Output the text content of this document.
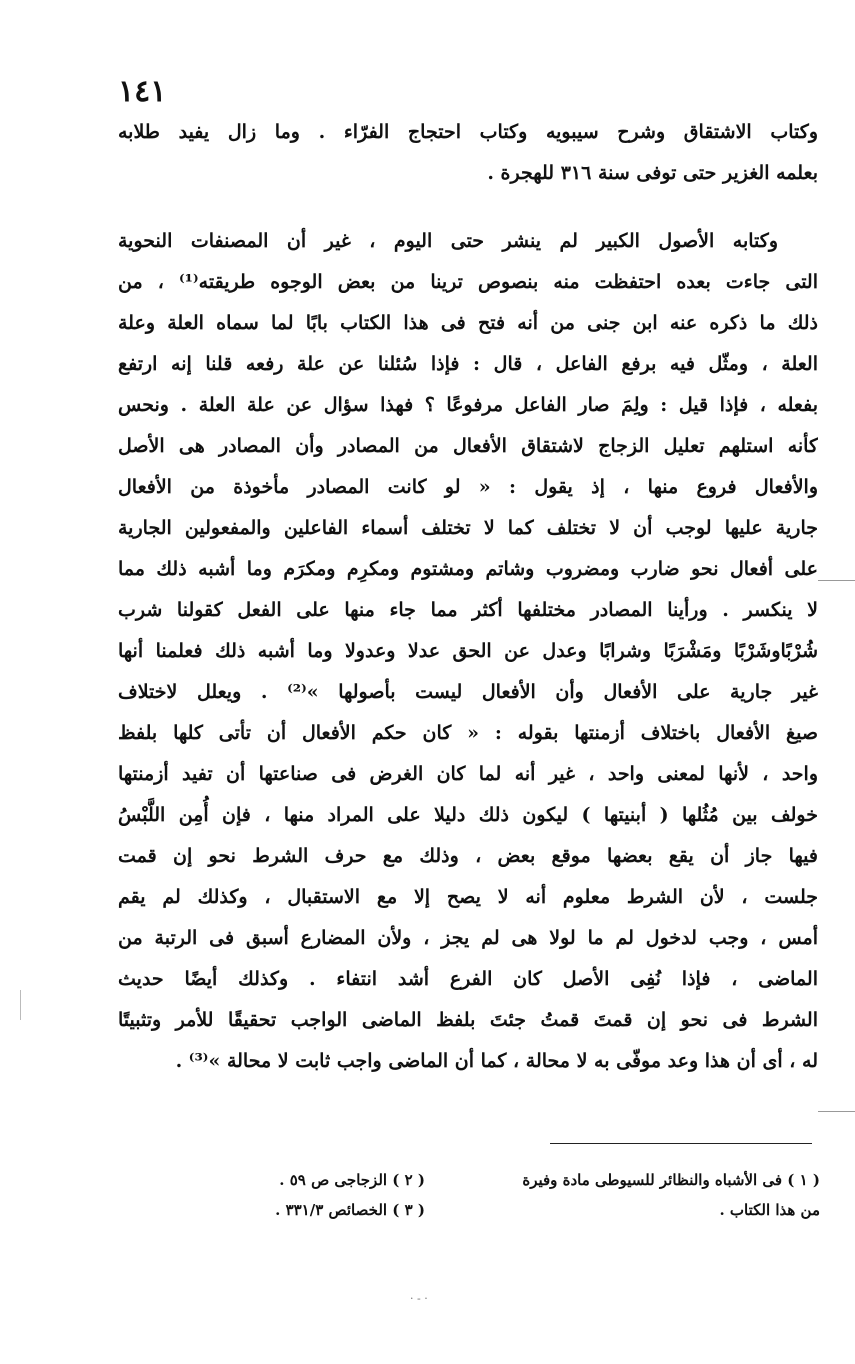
١٤١
وكتاب الاشتقاق وشرح سيبويه وكتاب احتجاج الفرّاء . وما زال يفيد طلابه
بعلمه الغزير حتى توفى سنة ٣١٦ للهجرة .
وكتابه الأصول الكبير لم ينشر حتى اليوم ، غير أن المصنفات النحوية
التى جاءت بعده احتفظت منه بنصوص ترينا من بعض الوجوه طريقته⁽¹⁾ ، من
ذلك ما ذكره عنه ابن جنى من أنه فتح فى هذا الكتاب بابًا لما سماه العلة وعلة
العلة ، ومثّل فيه برفع الفاعل ، قال : فإذا سُئلنا عن علة رفعه قلنا إنه ارتفع
بفعله ، فإذا قيل : ولِمَ صار الفاعل مرفوعًا ؟ فهذا سؤال عن علة العلة . ونحس
كأنه استلهم تعليل الزجاج لاشتقاق الأفعال من المصادر وأن المصادر هى الأصل
والأفعال فروع منها ، إذ يقول : « لو كانت المصادر مأخوذة من الأفعال
جارية عليها لوجب أن لا تختلف كما لا تختلف أسماء الفاعلين والمفعولين الجارية
على أفعال نحو ضارب ومضروب وشاتم ومشتوم ومكرِم ومكرَم وما أشبه ذلك مما
لا ينكسر . ورأينا المصادر مختلفها أكثر مما جاء منها على الفعل كقولنا شرب
شُرْبًاوشَرْبًا ومَشْرَبًا وشرابًا وعدل عن الحق عدلا وعدولا وما أشبه ذلك فعلمنا أنها
غير جارية على الأفعال وأن الأفعال ليست بأصولها »⁽²⁾ . ويعلل لاختلاف
صيغ الأفعال باختلاف أزمنتها بقوله : « كان حكم الأفعال أن تأتى كلها بلفظ
واحد ، لأنها لمعنى واحد ، غير أنه لما كان الغرض فى صناعتها أن تفيد أزمنتها
خولف بين مُثُلها ( أبنيتها ) ليكون ذلك دليلا على المراد منها ، فإن أُمِن اللَّبْسُ
فيها جاز أن يقع بعضها موقع بعض ، وذلك مع حرف الشرط نحو إن قمت
جلست ، لأن الشرط معلوم أنه لا يصح إلا مع الاستقبال ، وكذلك لم يقم
أمس ، وجب لدخول لم ما لولا هى لم يجز ، ولأن المضارع أسبق فى الرتبة من
الماضى ، فإذا نُفِى الأصل كان الفرع أشد انتفاء . وكذلك أيضًا حديث
الشرط فى نحو إن قمتَ قمتُ جئتَ بلفظ الماضى الواجب تحقيقًا للأمر وتثبيتًا
له ، أى أن هذا وعد موفّى به لا محالة ، كما أن الماضى واجب ثابت لا محالة »⁽³⁾ .
( ١ ) فى الأشباه والنظائر للسيوطى مادة وفيرة
من هذا الكتاب .
( ٢ ) الزجاجى ص ٥٩ .
( ٣ ) الخصائص ٣٣١/٣ .
· - ·
